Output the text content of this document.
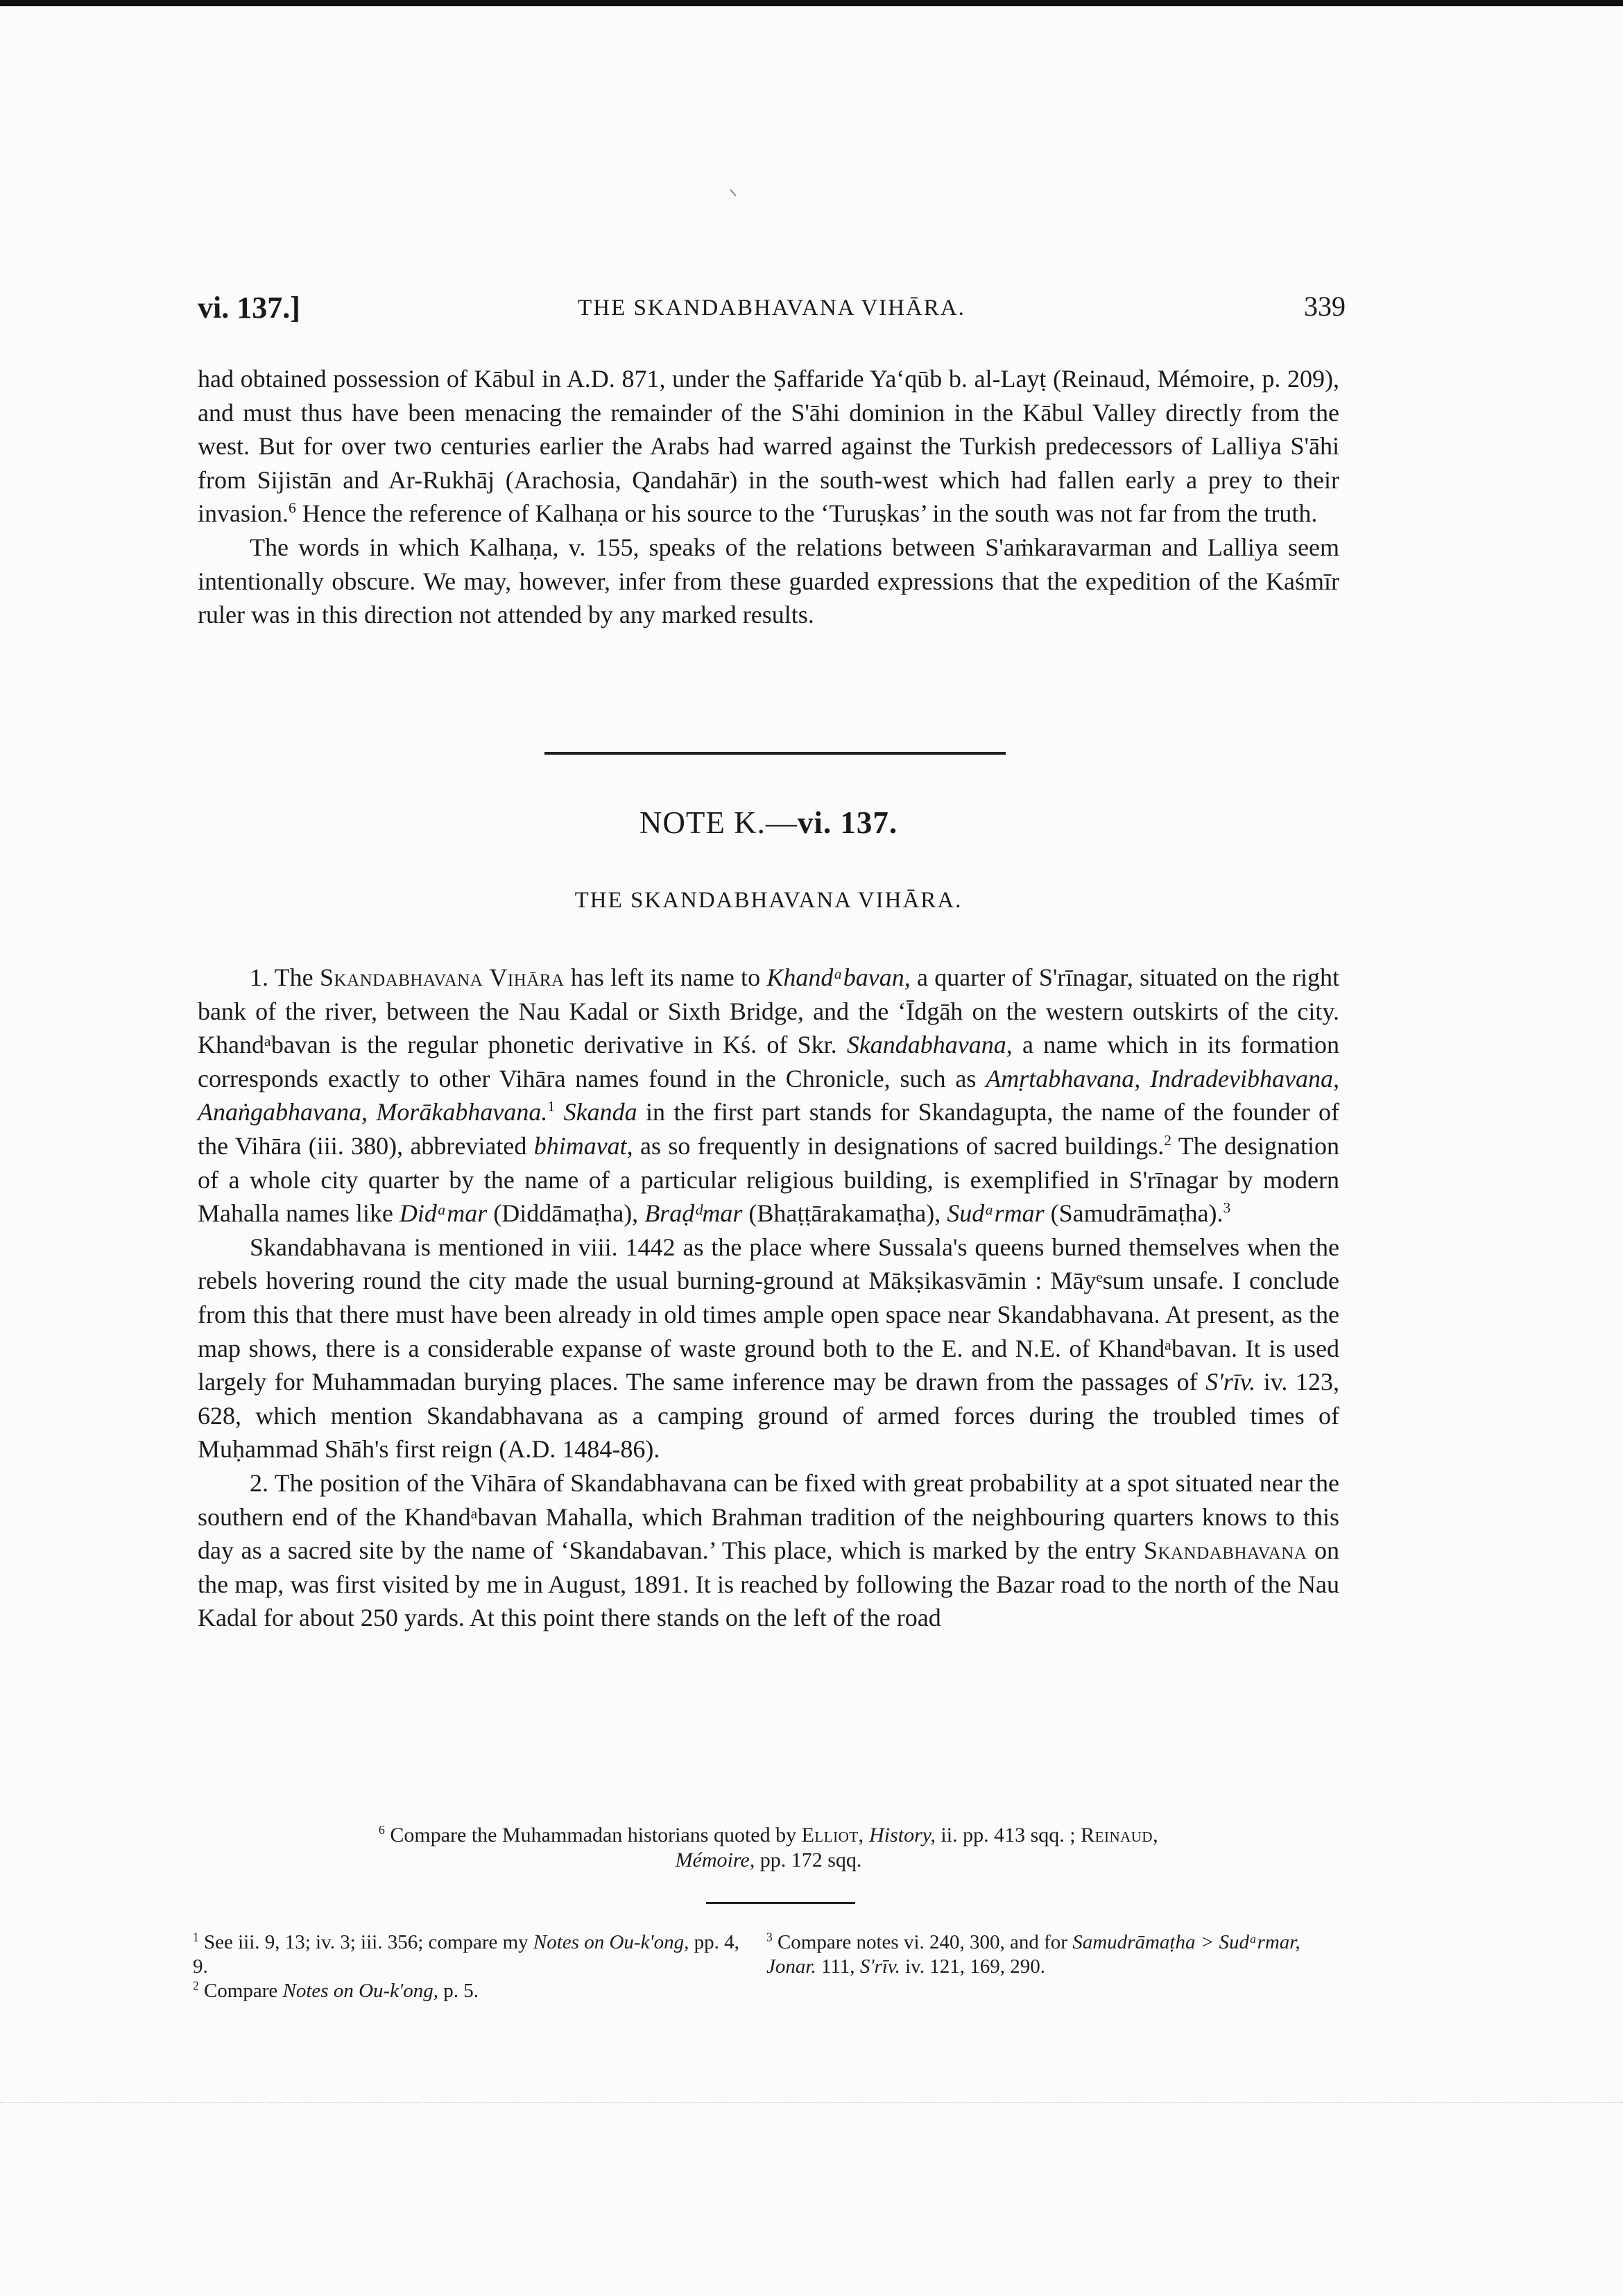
vi. 137.]	THE SKANDABHAVANA VIHĀRA.	339

had obtained possession of Kābul in A.D. 871, under the Ṣaffaride Yaʻqūb b. al-Layṭ (Reinaud, Mémoire, p. 209), and must thus have been menacing the remainder of the S'āhi dominion in the Kābul Valley directly from the west. But for over two centuries earlier the Arabs had warred against the Turkish predecessors of Lalliya S'āhi from Sijistān and Ar-Rukhāj (Arachosia, Qandahār) in the south-west which had fallen early a prey to their invasion.$^6$ Hence the reference of Kalhaṇa or his source to the ‘Turuṣkas’ in the south was not far from the truth.

The words in which Kalhaṇa, v. 155, speaks of the relations between S'aṁkaravarman and Lalliya seem intentionally obscure. We may, however, infer from these guarded expressions that the expedition of the Kaśmīr ruler was in this direction not attended by any marked results.

NOTE K.—vi. 137.
THE SKANDABHAVANA VIHĀRA.

1. The Skandabhavana Vihāra has left its name to Khandᵃbavan, a quarter of S'rīnagar, situated on the right bank of the river, between the Nau Kadal or Sixth Bridge, and the ʻĪdgāh on the western outskirts of the city. Khandᵃbavan is the regular phonetic derivative in Kś. of Skr. Skandabhavana, a name which in its formation corresponds exactly to other Vihāra names found in the Chronicle, such as Amṛtabhavana, Indradevibhavana, Anaṅgabhavana, Morākabhavana.$^1$ Skanda in the first part stands for Skandagupta, the name of the founder of the Vihāra (iii. 380), abbreviated bhimavat, as so frequently in designations of sacred buildings.$^2$ The designation of a whole city quarter by the name of a particular religious building, is exemplified in S'rīnagar by modern Mahalla names like Didᵃmar (Diddāmaṭha), Braḍᵈmar (Bhaṭṭārakamaṭha), Sudᵃrmar (Samudrāmaṭha).$^3$

Skandabhavana is mentioned in viii. 1442 as the place where Sussala's queens burned themselves when the rebels hovering round the city made the usual burning-ground at Mākṣikasvāmin : Māyᵉsum unsafe. I conclude from this that there must have been already in old times ample open space near Skandabhavana. At present, as the map shows, there is a considerable expanse of waste ground both to the E. and N.E. of Khandᵃbavan. It is used largely for Muhammadan burying places. The same inference may be drawn from the passages of S'rīv. iv. 123, 628, which mention Skandabhavana as a camping ground of armed forces during the troubled times of Muḥammad Shāh's first reign (A.D. 1484-86).

2. The position of the Vihāra of Skandabhavana can be fixed with great probability at a spot situated near the southern end of the Khandᵃbavan Mahalla, which Brahman tradition of the neighbouring quarters knows to this day as a sacred site by the name of ‘Skandabavan.’ This place, which is marked by the entry Skandabhavana on the map, was first visited by me in August, 1891. It is reached by following the Bazar road to the north of the Nau Kadal for about 250 yards. At this point there stands on the left of the road

$^6$ Compare the Muhammadan historians quoted by Elliot, History, ii. pp. 413 sqq. ; Reinaud,
Mémoire, pp. 172 sqq.

$^1$ See iii. 9, 13; iv. 3; iii. 356; compare my Notes on Ou-k'ong, pp. 4, 9.

$^2$ Compare Notes on Ou-k'ong, p. 5.

$^3$ Compare notes vi. 240, 300, and for Samudrāmaṭha > Sudᵃrmar, Jonar. 111, S'rīv. iv. 121, 169, 290.
